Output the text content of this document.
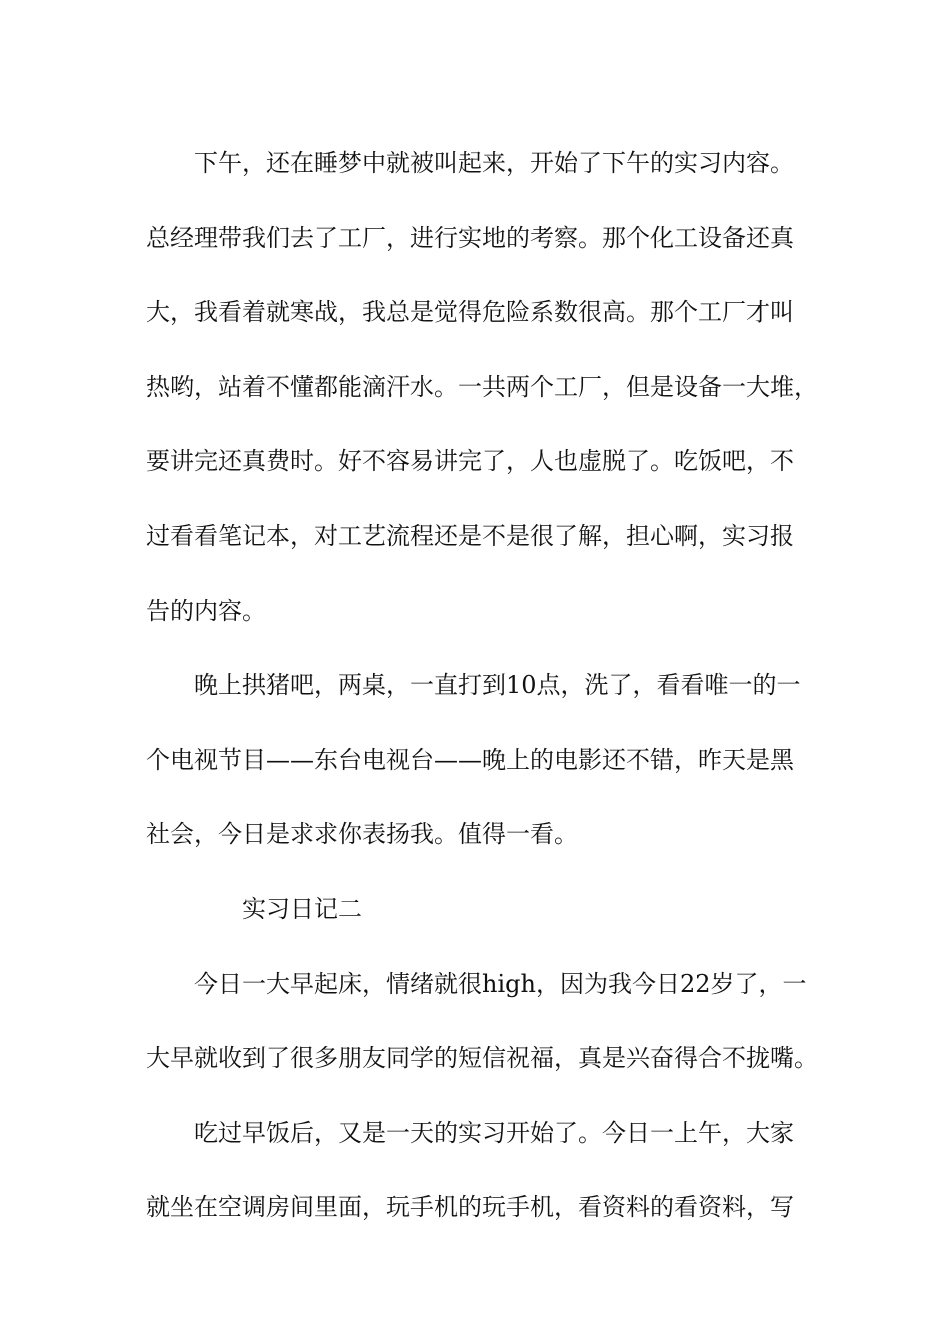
下午，还在睡梦中就被叫起来，开始了下午的实习内容。
总经理带我们去了工厂，进行实地的考察。那个化工设备还真
大，我看着就寒战，我总是觉得危险系数很高。那个工厂才叫
热哟，站着不懂都能滴汗水。一共两个工厂，但是设备一大堆，
要讲完还真费时。好不容易讲完了，人也虚脱了。吃饭吧，不
过看看笔记本，对工艺流程还是不是很了解，担心啊，实习报
告的内容。
晚上拱猪吧，两桌，一直打到10点，洗了，看看唯一的一
个电视节目——东台电视台——晚上的电影还不错，昨天是黑
社会，今日是求求你表扬我。值得一看。
实习日记二
今日一大早起床，情绪就很high，因为我今日22岁了，一
大早就收到了很多朋友同学的短信祝福，真是兴奋得合不拢嘴。
吃过早饭后，又是一天的实习开始了。今日一上午，大家
就坐在空调房间里面，玩手机的玩手机，看资料的看资料，写
